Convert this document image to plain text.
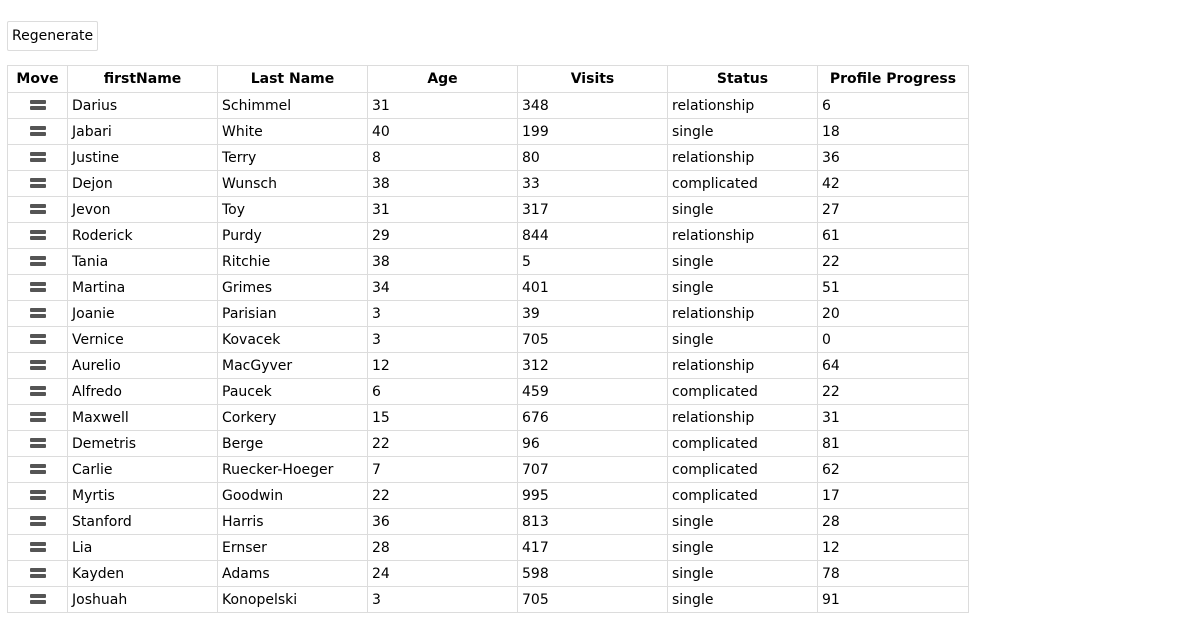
Regenerate
Move	firstName	Last Name	Age	Visits	Status	Profile Progress
	Darius	Schimmel	31	348	relationship	6
	Jabari	White	40	199	single	18
	Justine	Terry	8	80	relationship	36
	Dejon	Wunsch	38	33	complicated	42
	Jevon	Toy	31	317	single	27
	Roderick	Purdy	29	844	relationship	61
	Tania	Ritchie	38	5	single	22
	Martina	Grimes	34	401	single	51
	Joanie	Parisian	3	39	relationship	20
	Vernice	Kovacek	3	705	single	0
	Aurelio	MacGyver	12	312	relationship	64
	Alfredo	Paucek	6	459	complicated	22
	Maxwell	Corkery	15	676	relationship	31
	Demetris	Berge	22	96	complicated	81
	Carlie	Ruecker-Hoeger	7	707	complicated	62
	Myrtis	Goodwin	22	995	complicated	17
	Stanford	Harris	36	813	single	28
	Lia	Ernser	28	417	single	12
	Kayden	Adams	24	598	single	78
	Joshuah	Konopelski	3	705	single	91
